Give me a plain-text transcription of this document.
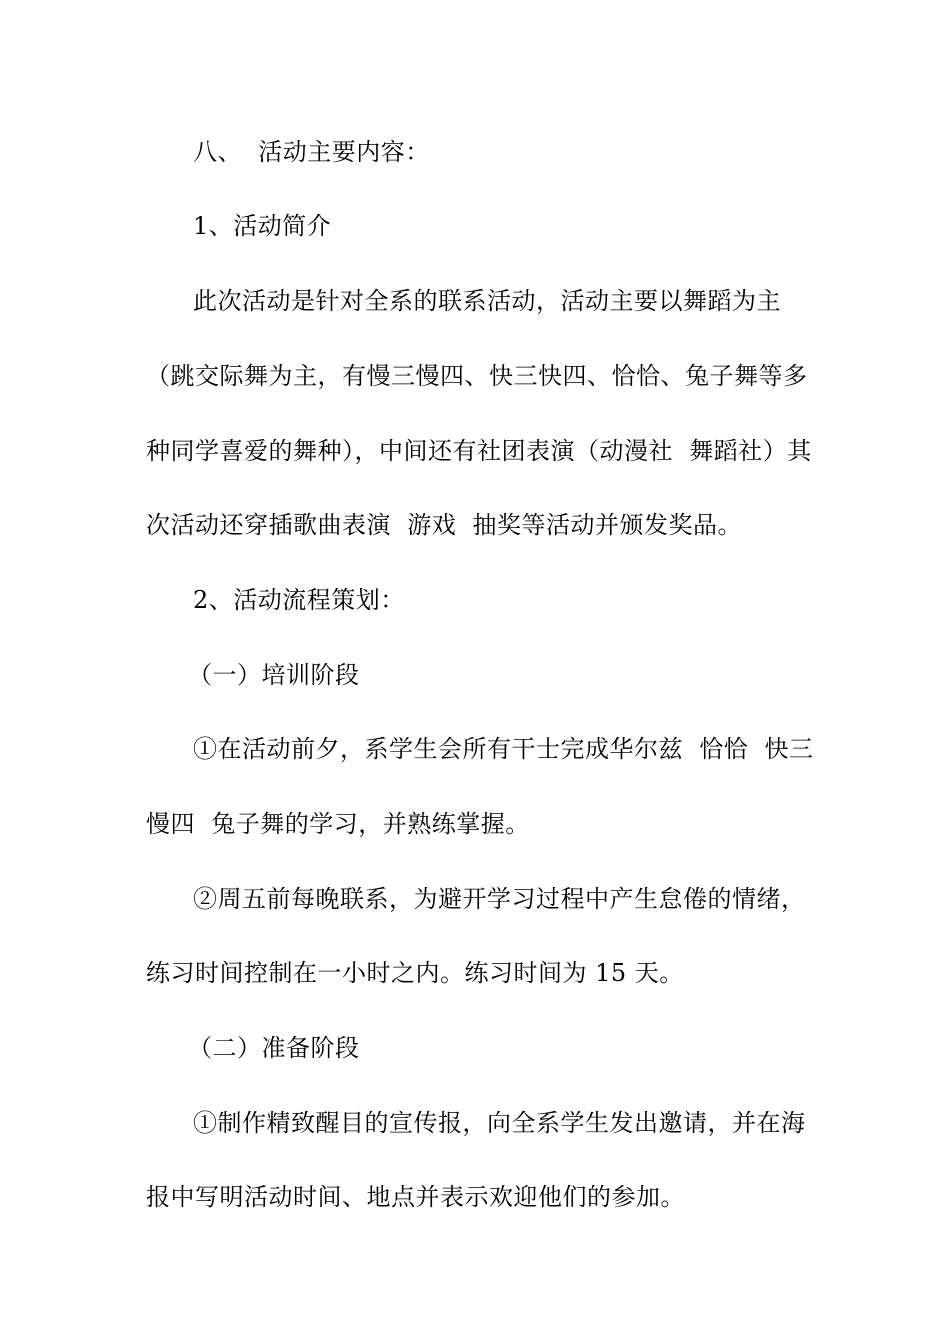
八、  活动主要内容：
1、活动简介
此次活动是针对全系的联系活动，活动主要以舞蹈为主
（跳交际舞为主，有慢三慢四、快三快四、恰恰、兔子舞等多
种同学喜爱的舞种），中间还有社团表演（动漫社  舞蹈社）其
次活动还穿插歌曲表演  游戏  抽奖等活动并颁发奖品。
2、活动流程策划：
（一）培训阶段
①在活动前夕，系学生会所有干士完成华尔兹  恰恰  快三
慢四  兔子舞的学习，并熟练掌握。
②周五前每晚联系，为避开学习过程中产生怠倦的情绪，
练习时间控制在一小时之内。练习时间为 15 天。
（二）准备阶段
①制作精致醒目的宣传报，向全系学生发出邀请，并在海
报中写明活动时间、地点并表示欢迎他们的参加。
